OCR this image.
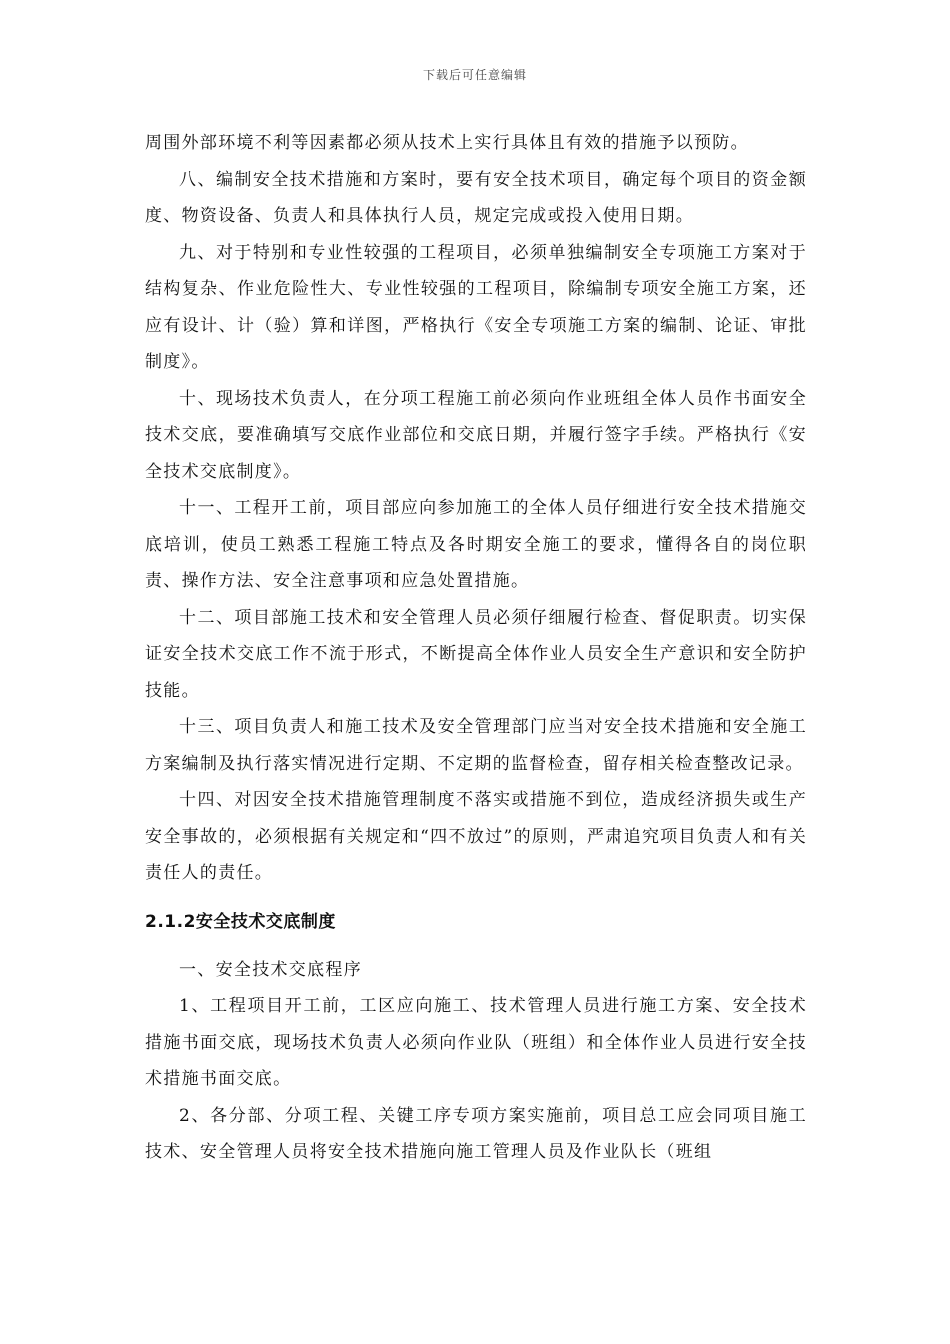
下载后可任意编辑

周围外部环境不利等因素都必须从技术上实行具体且有效的措施予以预防。

八、编制安全技术措施和方案时，要有安全技术项目，确定每个项目的资金额度、物资设备、负责人和具体执行人员，规定完成或投入使用日期。

九、对于特别和专业性较强的工程项目，必须单独编制安全专项施工方案对于结构复杂、作业危险性大、专业性较强的工程项目，除编制专项安全施工方案，还应有设计、计（验）算和详图，严格执行《安全专项施工方案的编制、论证、审批制度》。

十、现场技术负责人，在分项工程施工前必须向作业班组全体人员作书面安全技术交底，要准确填写交底作业部位和交底日期，并履行签字手续。严格执行《安全技术交底制度》。

十一、工程开工前，项目部应向参加施工的全体人员仔细进行安全技术措施交底培训，使员工熟悉工程施工特点及各时期安全施工的要求，懂得各自的岗位职责、操作方法、安全注意事项和应急处置措施。

十二、项目部施工技术和安全管理人员必须仔细履行检查、督促职责。切实保证安全技术交底工作不流于形式，不断提高全体作业人员安全生产意识和安全防护技能。

十三、项目负责人和施工技术及安全管理部门应当对安全技术措施和安全施工方案编制及执行落实情况进行定期、不定期的监督检查，留存相关检查整改记录。

十四、对因安全技术措施管理制度不落实或措施不到位，造成经济损失或生产安全事故的，必须根据有关规定和“四不放过”的原则，严肃追究项目负责人和有关责任人的责任。

2.1.2安全技术交底制度

一、安全技术交底程序

1、工程项目开工前，工区应向施工、技术管理人员进行施工方案、安全技术措施书面交底，现场技术负责人必须向作业队（班组）和全体作业人员进行安全技术措施书面交底。

2、各分部、分项工程、关键工序专项方案实施前，项目总工应会同项目施工技术、安全管理人员将安全技术措施向施工管理人员及作业队长（班组
